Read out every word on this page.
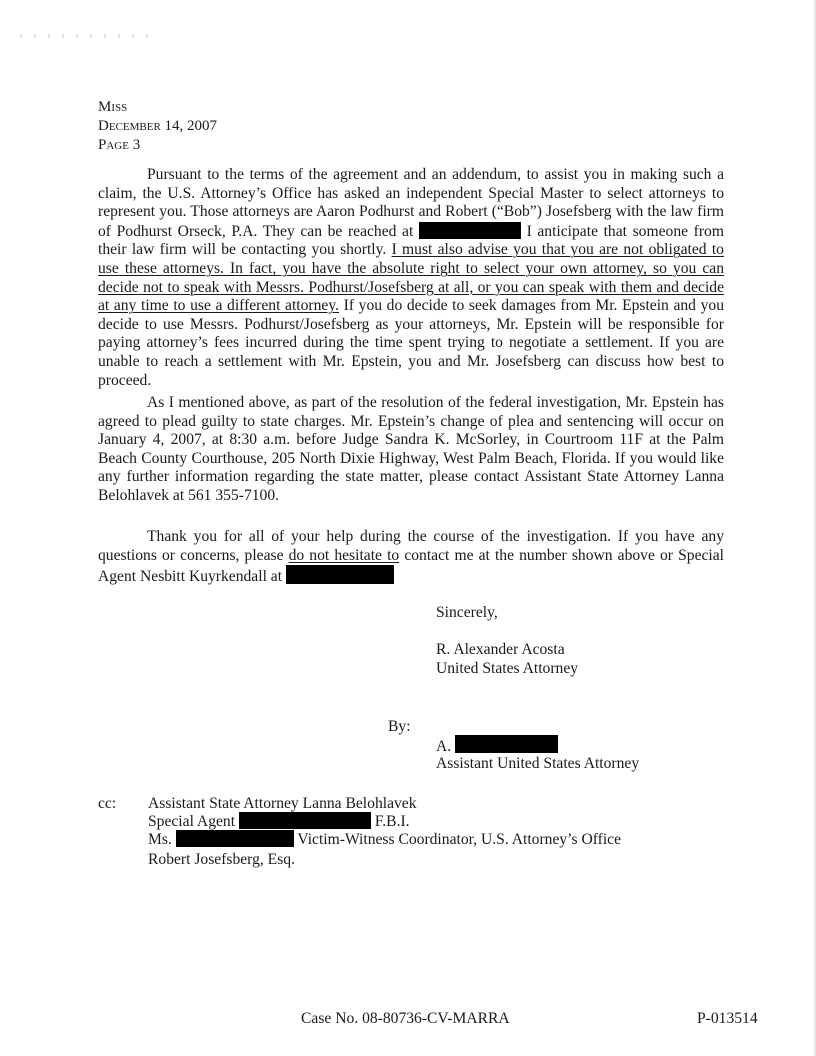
Miss
December 14, 2007
Page 3

Pursuant to the terms of the agreement and an addendum, to assist you in making such a claim, the U.S. Attorney’s Office has asked an independent Special Master to select attorneys to represent you. Those attorneys are Aaron Podhurst and Robert (“Bob”) Josefsberg with the law firm of Podhurst Orseck, P.A. They can be reached at	I anticipate that someone from their law firm will be contacting you shortly. I must also advise you that you are not obligated to use these attorneys. In fact, you have the absolute right to select your own attorney, so you can decide not to speak with Messrs. Podhurst/Josefsberg at all, or you can speak with them and decide at any time to use a different attorney. If you do decide to seek damages from Mr. Epstein and you decide to use Messrs. Podhurst/Josefsberg as your attorneys, Mr. Epstein will be responsible for paying attorney’s fees incurred during the time spent trying to negotiate a settlement. If you are unable to reach a settlement with Mr. Epstein, you and Mr. Josefsberg can discuss how best to proceed.

As I mentioned above, as part of the resolution of the federal investigation, Mr. Epstein has agreed to plead guilty to state charges. Mr. Epstein’s change of plea and sentencing will occur on January 4, 2007, at 8:30 a.m. before Judge Sandra K. McSorley, in Courtroom 11F at the Palm Beach County Courthouse, 205 North Dixie Highway, West Palm Beach, Florida. If you would like any further information regarding the state matter, please contact Assistant State Attorney Lanna Belohlavek at 561 355-7100.

Thank you for all of your help during the course of the investigation. If you have any questions or concerns, please do not hesitate to contact me at the number shown above or Special Agent Nesbitt Kuyrkendall at

Sincerely,
R. Alexander Acosta
United States Attorney
By:
A.
Assistant United States Attorney
cc: Assistant State Attorney Lanna Belohlavek
Special Agent	F.B.I.
Ms.	Victim-Witness Coordinator, U.S. Attorney’s Office
Robert Josefsberg, Esq.
Case No. 08-80736-CV-MARRA	P-013514
